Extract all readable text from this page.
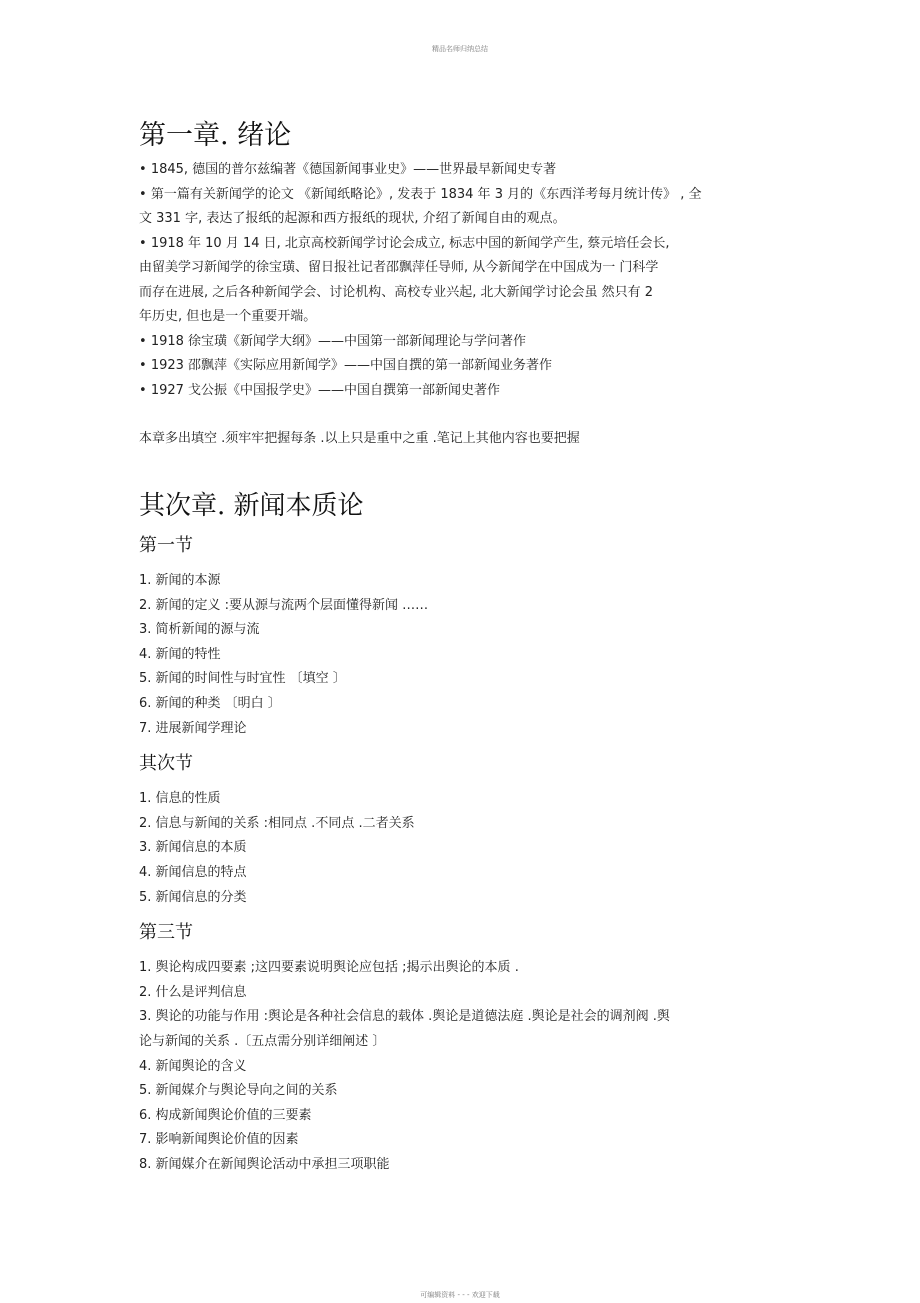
精品名师归纳总结
第一章. 绪论
• 1845, 德国的普尔兹编著《德国新闻事业史》——世界最早新闻史专著
• 第一篇有关新闻学的论文 《新闻纸略论》, 发表于 1834 年 3 月的《东西洋考每月统计传》 , 全
文 331 字, 表达了报纸的起源和西方报纸的现状, 介绍了新闻自由的观点。
• 1918 年 10 月 14 日, 北京高校新闻学讨论会成立, 标志中国的新闻学产生, 蔡元培任会长,
由留美学习新闻学的徐宝璜、留日报社记者邵飘萍任导师, 从今新闻学在中国成为一 门科学
而存在进展, 之后各种新闻学会、讨论机构、高校专业兴起, 北大新闻学讨论会虽 然只有 2
年历史, 但也是一个重要开端。
• 1918 徐宝璜《新闻学大纲》——中国第一部新闻理论与学问著作
• 1923 邵飘萍《实际应用新闻学》——中国自撰的第一部新闻业务著作
• 1927 戈公振《中国报学史》——中国自撰第一部新闻史著作
本章多出填空 .须牢牢把握每条 .以上只是重中之重 .笔记上其他内容也要把握
其次章. 新闻本质论
第一节
1. 新闻的本源
2. 新闻的定义 :要从源与流两个层面懂得新闻 ……
3. 简析新闻的源与流
4. 新闻的特性
5. 新闻的时间性与时宜性 〔填空 〕
6. 新闻的种类 〔明白 〕
7. 进展新闻学理论
其次节
1. 信息的性质
2. 信息与新闻的关系 :相同点 .不同点 .二者关系
3. 新闻信息的本质
4. 新闻信息的特点
5. 新闻信息的分类
第三节
1. 舆论构成四要素 ;这四要素说明舆论应包括 ;揭示出舆论的本质 .
2. 什么是评判信息
3. 舆论的功能与作用 :舆论是各种社会信息的载体 .舆论是道德法庭 .舆论是社会的调剂阀 .舆
论与新闻的关系 .〔五点需分别详细阐述 〕
4. 新闻舆论的含义
5. 新闻媒介与舆论导向之间的关系
6. 构成新闻舆论价值的三要素
7. 影响新闻舆论价值的因素
8. 新闻媒介在新闻舆论活动中承担三项职能
可编辑资料 - - - 欢迎下载
